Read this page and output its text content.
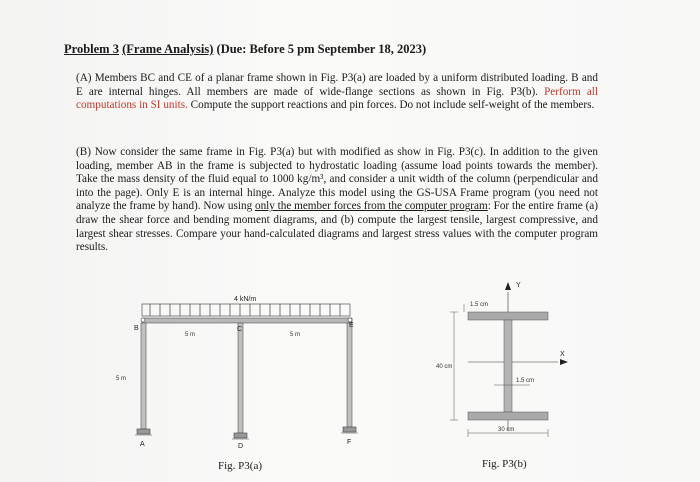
Problem 3 (Frame Analysis) (Due: Before 5 pm September 18, 2023)
(A) Members BC and CE of a planar frame shown in Fig. P3(a) are loaded by a uniform distributed loading. B and E are internal hinges. All members are made of wide-flange sections as shown in Fig. P3(b). Perform all computations in SI units. Compute the support reactions and pin forces. Do not include self-weight of the members.
(B) Now consider the same frame in Fig. P3(a) but with modified as show in Fig. P3(c). In addition to the given loading, member AB in the frame is subjected to hydrostatic loading (assume load points towards the member). Take the mass density of the fluid equal to 1000 kg/m³, and consider a unit width of the column (perpendicular and into the page). Only E is an internal hinge. Analyze this model using the GS-USA Frame program (you need not analyze the frame by hand). Now using only the member forces from the computer program: For the entire frame (a) draw the shear force and bending moment diagrams, and (b) compute the largest tensile, largest compressive, and largest shear stresses. Compare your hand-calculated diagrams and largest stress values with the computer program results.
4 kN/m
5 m	5 m
5 m
B	C
E
A	D
F
Fig. P3(a)
Y
X
1.5 cm
40 cm
1.5 cm
30 cm
Fig. P3(b)
